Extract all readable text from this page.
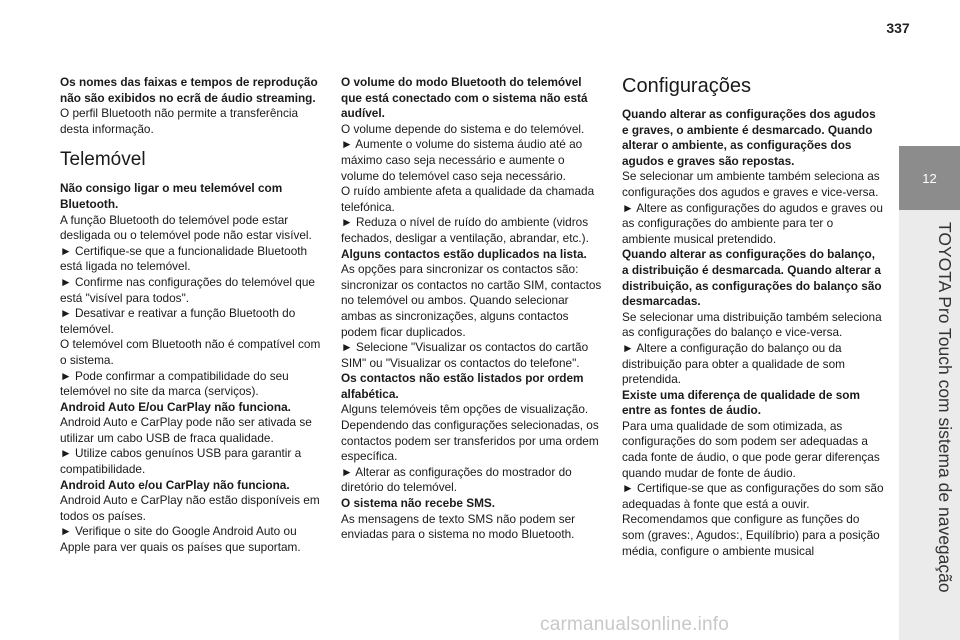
337
12
TOYOTA Pro Touch com sistema de navegação

Os nomes das faixas e tempos de reprodução não são exibidos no ecrã de áudio streaming.

O perfil Bluetooth não permite a transferência desta informação.

Telemóvel

Não consigo ligar o meu telemóvel com Bluetooth.

A função Bluetooth do telemóvel pode estar desligada ou o telemóvel pode não estar visível.

► Certifique-se que a funcionalidade Bluetooth está ligada no telemóvel.

► Confirme nas configurações do telemóvel que está "visível para todos".

► Desativar e reativar a função Bluetooth do telemóvel.

O telemóvel com Bluetooth não é compatível com o sistema.

► Pode confirmar a compatibilidade do seu telemóvel no site da marca (serviços).

Android Auto E/ou CarPlay não funciona.

Android Auto e CarPlay pode não ser ativada se utilizar um cabo USB de fraca qualidade.

► Utilize cabos genuínos USB para garantir a compatibilidade.

Android Auto e/ou CarPlay não funciona.

Android Auto e CarPlay não estão disponíveis em todos os países.

► Verifique o site do Google Android Auto ou Apple para ver quais os países que suportam.

O volume do modo Bluetooth do telemóvel que está conectado com o sistema não está audível.

O volume depende do sistema e do telemóvel.

► Aumente o volume do sistema áudio até ao máximo caso seja necessário e aumente o volume do telemóvel caso seja necessário.

O ruído ambiente afeta a qualidade da chamada telefónica.

► Reduza o nível de ruído do ambiente (vidros fechados, desligar a ventilação, abrandar, etc.).

Alguns contactos estão duplicados na lista.

As opções para sincronizar os contactos são: sincronizar os contactos no cartão SIM, contactos no telemóvel ou ambos. Quando selecionar ambas as sincronizações, alguns contactos podem ficar duplicados.

► Selecione "Visualizar os contactos do cartão SIM" ou "Visualizar os contactos do telefone".

Os contactos não estão listados por ordem alfabética.

Alguns telemóveis têm opções de visualização. Dependendo das configurações selecionadas, os contactos podem ser transferidos por uma ordem específica.

► Alterar as configurações do mostrador do diretório do telemóvel.

O sistema não recebe SMS.

As mensagens de texto SMS não podem ser enviadas para o sistema no modo Bluetooth.

Configurações

Quando alterar as configurações dos agudos e graves, o ambiente é desmarcado. Quando alterar o ambiente, as configurações dos agudos e graves são repostas.

Se selecionar um ambiente também seleciona as configurações dos agudos e graves e vice-versa.

► Altere as configurações do agudos e graves ou as configurações do ambiente para ter o ambiente musical pretendido.

Quando alterar as configurações do balanço, a distribuição é desmarcada. Quando alterar a distribuição, as configurações do balanço são desmarcadas.

Se selecionar uma distribuição também seleciona as configurações do balanço e vice-versa.

► Altere a configuração do balanço ou da distribuição para obter a qualidade de som pretendida.

Existe uma diferença de qualidade de som entre as fontes de áudio.

Para uma qualidade de som otimizada, as configurações do som podem ser adequadas a cada fonte de áudio, o que pode gerar diferenças quando mudar de fonte de áudio.

► Certifique-se que as configurações do som são adequadas à fonte que está a ouvir. Recomendamos que configure as funções do som (graves:, Agudos:, Equilíbrio) para a posição média, configure o ambiente musical

carmanualsonline.info
